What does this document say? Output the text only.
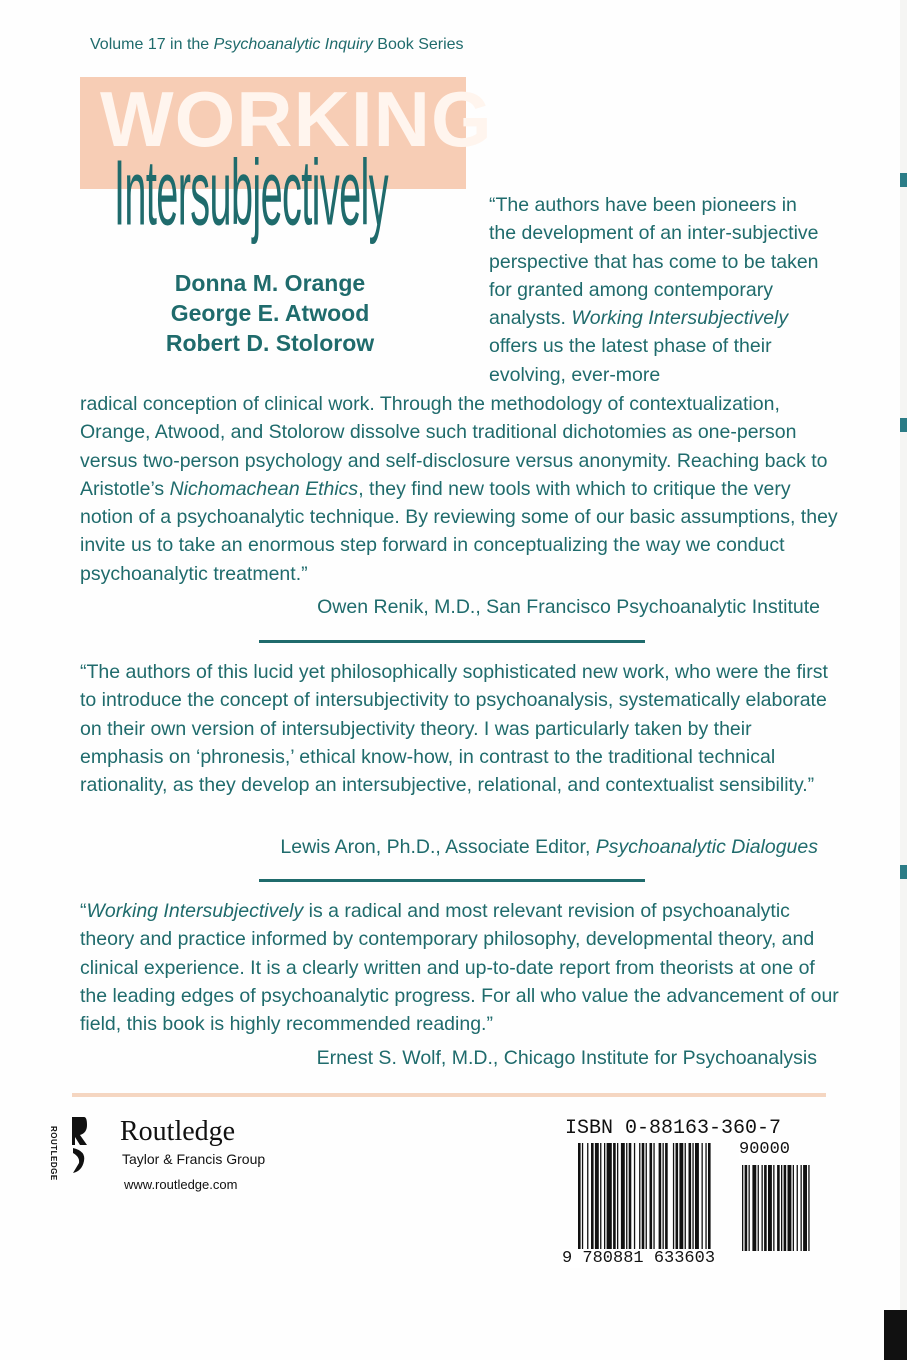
Volume 17 in the Psychoanalytic Inquiry Book Series
WORKING
Intersubjectively
Donna M. Orange
George E. Atwood
Robert D. Stolorow
“The authors have been pioneers in the development of an inter-subjective perspective that has come to be taken for granted among contemporary analysts. Working Intersubjectively offers us the latest phase of their evolving, ever-more
radical conception of clinical work. Through the methodology of contextualization, Orange, Atwood, and Stolorow dissolve such traditional dichotomies as one-person versus two-person psychology and self-disclosure versus anonymity. Reaching back to Aristotle’s Nichomachean Ethics, they find new tools with which to critique the very notion of a psychoanalytic technique. By reviewing some of our basic assumptions, they invite us to take an enormous step forward in conceptualizing the way we conduct psychoanalytic treatment.”
Owen Renik, M.D., San Francisco Psychoanalytic Institute
“The authors of this lucid yet philosophically sophisticated new work, who were the first to introduce the concept of intersubjectivity to psychoanalysis, systematically elaborate on their own version of intersubjectivity theory. I was particularly taken by their emphasis on ‘phronesis,’ ethical know-how, in contrast to the traditional technical rationality, as they develop an intersubjective, relational, and contextualist sensibility.”
Lewis Aron, Ph.D., Associate Editor, Psychoanalytic Dialogues
“Working Intersubjectively is a radical and most relevant revision of psychoanalytic theory and practice informed by contemporary philosophy, developmental theory, and clinical experience. It is a clearly written and up-to-date report from theorists at one of the leading edges of psychoanalytic progress. For all who value the advancement of our field, this book is highly recommended reading.”
Ernest S. Wolf, M.D., Chicago Institute for Psychoanalysis
ROUTLEDGE Routledge
Taylor & Francis Group
www.routledge.com
ISBN 0-88163-360-7
90000
9 780881 633603
